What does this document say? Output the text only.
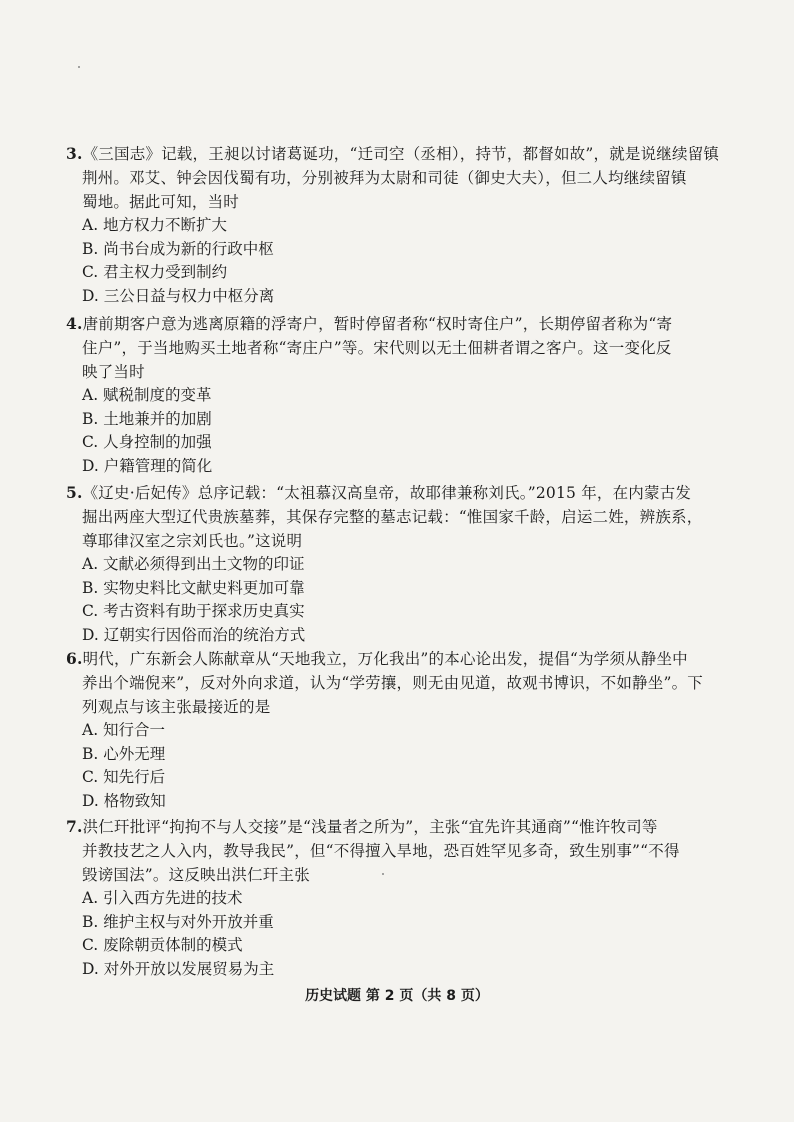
3.《三国志》记载，王昶以讨诸葛诞功，“迁司空（丞相），持节，都督如故”，就是说继续留镇
荆州。邓艾、钟会因伐蜀有功，分别被拜为太尉和司徒（御史大夫），但二人均继续留镇
蜀地。据此可知，当时
A. 地方权力不断扩大
B. 尚书台成为新的行政中枢
C. 君主权力受到制约
D. 三公日益与权力中枢分离
4.唐前期客户意为逃离原籍的浮寄户，暂时停留者称“权时寄住户”，长期停留者称为“寄
住户”，于当地购买土地者称“寄庄户”等。宋代则以无土佃耕者谓之客户。这一变化反
映了当时
A. 赋税制度的变革
B. 土地兼并的加剧
C. 人身控制的加强
D. 户籍管理的简化
5.《辽史·后妃传》总序记载：“太祖慕汉高皇帝，故耶律兼称刘氏。”2015 年，在内蒙古发
掘出两座大型辽代贵族墓葬，其保存完整的墓志记载：“惟国家千龄，启运二姓，辨族系，
尊耶律汉室之宗刘氏也。”这说明
A. 文献必须得到出土文物的印证
B. 实物史料比文献史料更加可靠
C. 考古资料有助于探求历史真实
D. 辽朝实行因俗而治的统治方式
6.明代，广东新会人陈献章从“天地我立，万化我出”的本心论出发，提倡“为学须从静坐中
养出个端倪来”，反对外向求道，认为“学劳攘，则无由见道，故观书博识，不如静坐”。下
列观点与该主张最接近的是
A. 知行合一
B. 心外无理
C. 知先行后
D. 格物致知
7.洪仁玕批评“拘拘不与人交接”是“浅量者之所为”，主张“宜先许其通商”“惟许牧司等
并教技艺之人入内，教导我民”，但“不得擅入旱地，恐百姓罕见多奇，致生别事”“不得
毁谤国法”。这反映出洪仁玕主张
A. 引入西方先进的技术
B. 维护主权与对外开放并重
C. 废除朝贡体制的模式
D. 对外开放以发展贸易为主
历史试题 第 2 页（共 8 页）
